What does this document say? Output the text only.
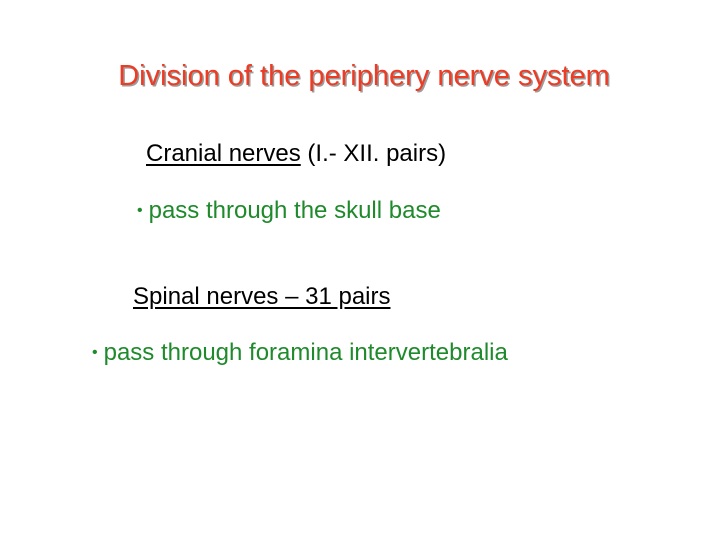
Division of the periphery nerve system
Cranial nerves (I.- XII. pairs)
• pass through the skull base
Spinal nerves – 31 pairs
• pass through foramina intervertebralia
